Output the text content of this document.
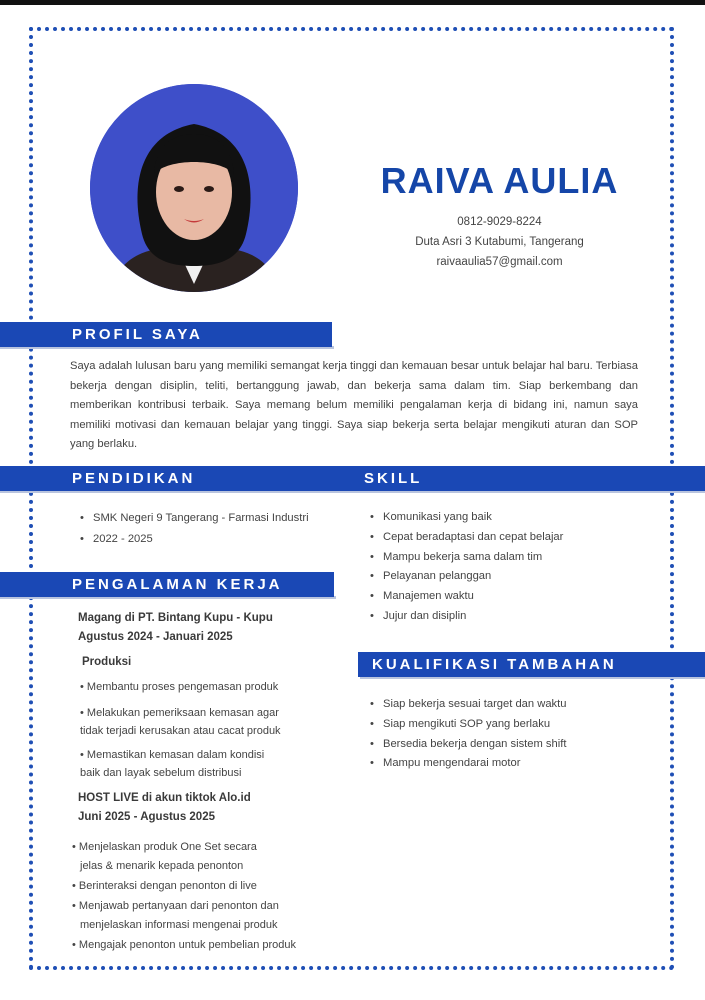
RAIVA AULIA
0812-9029-8224
Duta Asri 3 Kutabumi, Tangerang
raivaaulia57@gmail.com
PROFIL SAYA
Saya adalah lulusan baru yang memiliki semangat kerja tinggi dan kemauan besar untuk belajar hal baru. Terbiasa bekerja dengan disiplin, teliti, bertanggung jawab, dan bekerja sama dalam tim. Siap berkembang dan memberikan kontribusi terbaik. Saya memang belum memiliki pengalaman kerja di bidang ini, namun saya memiliki motivasi dan kemauan belajar yang tinggi. Saya siap bekerja serta belajar mengikuti aturan dan SOP yang berlaku.
PENDIDIKAN	SKILL
• SMK Negeri 9 Tangerang - Farmasi Industri
• 2022 - 2025
• Komunikasi yang baik
• Cepat beradaptasi dan cepat belajar
• Mampu bekerja sama dalam tim
• Pelayanan pelanggan
• Manajemen waktu
• Jujur dan disiplin
PENGALAMAN KERJA
Magang di PT. Bintang Kupu - Kupu
Agustus 2024 - Januari 2025
Produksi
• Membantu proses pengemasan produk
• Melakukan pemeriksaan kemasan agar
tidak terjadi kerusakan atau cacat produk
• Memastikan kemasan dalam kondisi
baik dan layak sebelum distribusi
HOST LIVE di akun tiktok Alo.id
Juni 2025 - Agustus 2025
• Menjelaskan produk One Set secara
jelas & menarik kepada penonton
• Berinteraksi dengan penonton di live
• Menjawab pertanyaan dari penonton dan
menjelaskan informasi mengenai produk
• Mengajak penonton untuk pembelian produk
KUALIFIKASI TAMBAHAN
• Siap bekerja sesuai target dan waktu
• Siap mengikuti SOP yang berlaku
• Bersedia bekerja dengan sistem shift
• Mampu mengendarai motor
